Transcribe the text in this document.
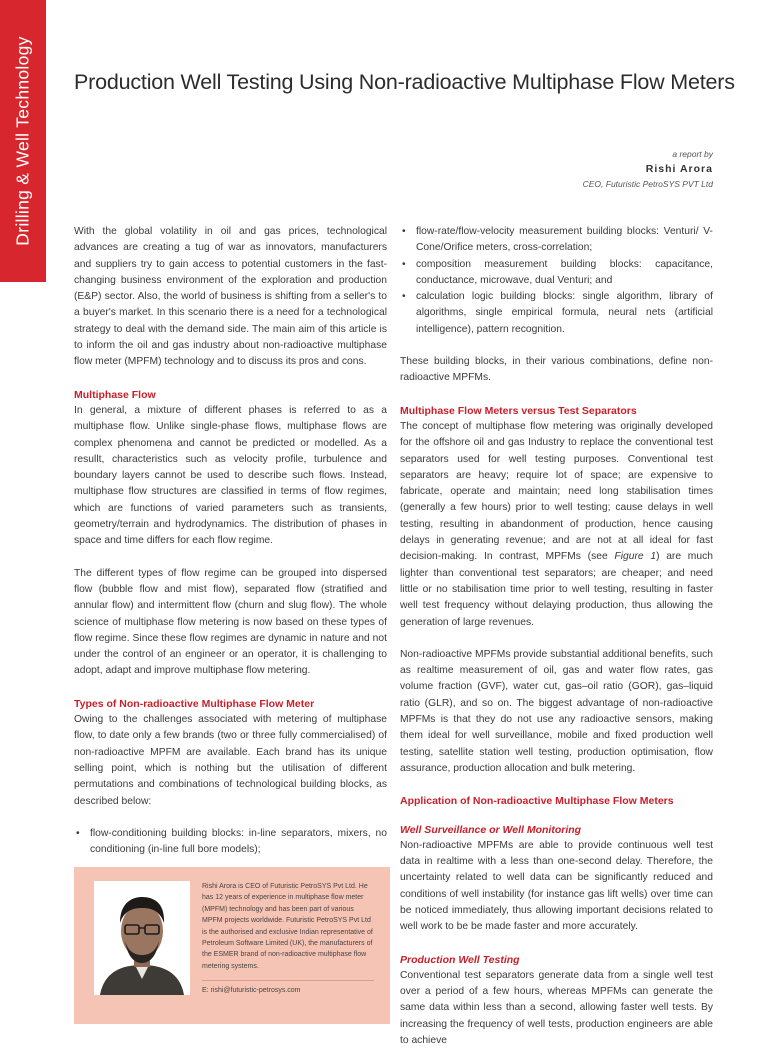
Drilling & Well Technology Production Well Testing Using Non-radioactive Multiphase Flow Meters
a report by
Rishi Arora
CEO, Futuristic PetroSYS PVT Ltd

With the global volatility in oil and gas prices, technological advances are creating a tug of war as innovators, manufacturers and suppliers try to gain access to potential customers in the fast-changing business environment of the exploration and production (E&P) sector. Also, the world of business is shifting from a seller's to a buyer's market. In this scenario there is a need for a technological strategy to deal with the demand side. The main aim of this article is to inform the oil and gas industry about non-radioactive multiphase flow meter (MPFM) technology and to discuss its pros and cons.

Multiphase Flow

In general, a mixture of different phases is referred to as a multiphase flow. Unlike single-phase flows, multiphase flows are complex phenomena and cannot be predicted or modelled. As a resullt, characteristics such as velocity profile, turbulence and boundary layers cannot be used to describe such flows. Instead, multiphase flow structures are classified in terms of flow regimes, which are functions of varied parameters such as transients, geometry/terrain and hydrodynamics. The distribution of phases in space and time differs for each flow regime.

The different types of flow regime can be grouped into dispersed flow (bubble flow and mist flow), separated flow (stratified and annular flow) and intermittent flow (churn and slug flow). The whole science of multiphase flow metering is now based on these types of flow regime. Since these flow regimes are dynamic in nature and not under the control of an engineer or an operator, it is challenging to adopt, adapt and improve multiphase flow metering.

Types of Non-radioactive Multiphase Flow Meter

Owing to the challenges associated with metering of multiphase flow, to date only a few brands (two or three fully commercialised) of non-radioactive MPFM are available. Each brand has its unique selling point, which is nothing but the utilisation of different permutations and combinations of technological building blocks, as described below:

• flow-conditioning building blocks: in-line separators, mixers, no conditioning (in-line full bore models);

Rishi Arora is CEO of Futuristic PetroSYS Pvt Ltd. He has 12 years of experience in multiphase flow meter (MPFM) technology and has been part of various MPFM projects worldwide. Futuristic PetroSYS Pvt Ltd is the authorised and exclusive Indian representative of Petroleum Software Limited (UK), the manufacturers of the ESMER brand of non-radioactive multiphase flow metering systems.

E: rishi@futuristic-petrosys.com

• flow-rate/flow-velocity measurement building blocks: Venturi/ V-Cone/Orifice meters, cross-correlation;
• composition measurement building blocks: capacitance, conductance, microwave, dual Venturi; and
• calculation logic building blocks: single algorithm, library of algorithms, single empirical formula, neural nets (artificial intelligence), pattern recognition.

These building blocks, in their various combinations, define non-radioactive MPFMs.

Multiphase Flow Meters versus Test Separators

The concept of multiphase flow metering was originally developed for the offshore oil and gas Industry to replace the conventional test separators used for well testing purposes. Conventional test separators are heavy; require lot of space; are expensive to fabricate, operate and maintain; need long stabilisation times (generally a few hours) prior to well testing; cause delays in well testing, resulting in abandonment of production, hence causing delays in generating revenue; and are not at all ideal for fast decision-making. In contrast, MPFMs (see Figure 1) are much lighter than conventional test separators; are cheaper; and need little or no stabilisation time prior to well testing, resulting in faster well test frequency without delaying production, thus allowing the generation of large revenues.

Non-radioactive MPFMs provide substantial additional benefits, such as realtime measurement of oil, gas and water flow rates, gas volume fraction (GVF), water cut, gas–oil ratio (GOR), gas–liquid ratio (GLR), and so on. The biggest advantage of non-radioactive MPFMs is that they do not use any radioactive sensors, making them ideal for well surveillance, mobile and fixed production well testing, satellite station well testing, production optimisation, flow assurance, production allocation and bulk metering.

Application of Non-radioactive Multiphase Flow Meters
Well Surveillance or Well Monitoring

Non-radioactive MPFMs are able to provide continuous well test data in realtime with a less than one-second delay. Therefore, the uncertainty related to well data can be significantly reduced and conditions of well instability (for instance gas lift wells) over time can be noticed immediately, thus allowing important decisions related to well work to be be made faster and more accurately.

Production Well Testing

Conventional test separators generate data from a single well test over a period of a few hours, whereas MPFMs can generate the same data within less than a second, allowing faster well tests. By increasing the frequency of well tests, production engineers are able to achieve
